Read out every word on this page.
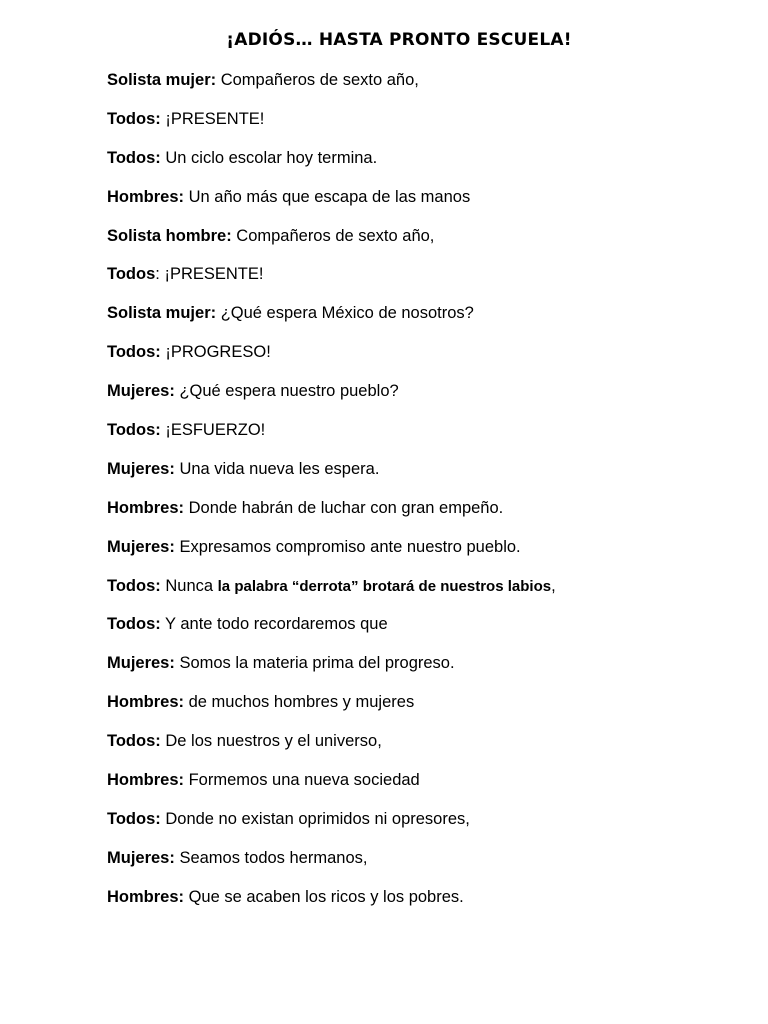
¡ADIÓS… HASTA PRONTO ESCUELA!
Solista mujer: Compañeros de sexto año,
Todos: ¡PRESENTE!
Todos: Un ciclo escolar hoy termina.
Hombres: Un año más que escapa de las manos
Solista hombre: Compañeros de sexto año,
Todos: ¡PRESENTE!
Solista mujer: ¿Qué espera México de nosotros?
Todos: ¡PROGRESO!
Mujeres: ¿Qué espera nuestro pueblo?
Todos: ¡ESFUERZO!
Mujeres: Una vida nueva les espera.
Hombres: Donde habrán de luchar con gran empeño.
Mujeres: Expresamos compromiso ante nuestro pueblo.
Todos: Nunca la palabra “derrota” brotará de nuestros labios,
Todos: Y ante todo recordaremos que
Mujeres: Somos la materia prima del progreso.
Hombres: de muchos hombres y mujeres
Todos: De los nuestros y el universo,
Hombres: Formemos una nueva sociedad
Todos: Donde no existan oprimidos ni opresores,
Mujeres: Seamos todos hermanos,
Hombres: Que se acaben los ricos y los pobres.
